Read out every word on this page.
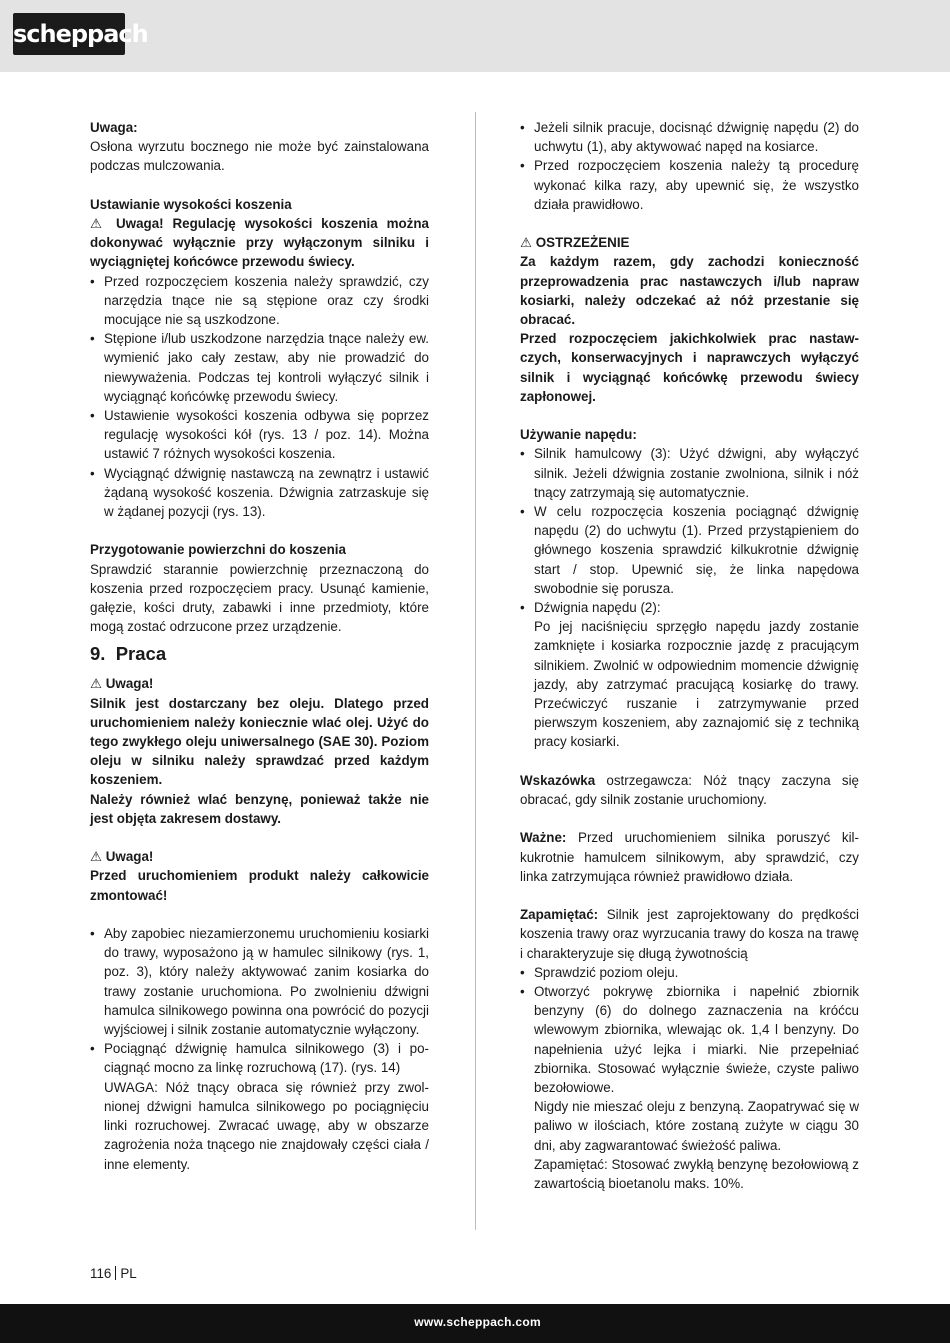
scheppach

Uwaga:

Osłona wyrzutu bocznego nie może być zainstalowana podczas mulczowania.

Ustawianie wysokości koszenia

⚠ Uwaga! Regulację wysokości koszenia można dokonywać wyłącznie przy wyłączonym silniku i wyciągniętej końcówce przewodu świecy.

• Przed rozpoczęciem koszenia należy sprawdzić, czy narzędzia tnące nie są stępione oraz czy środki mocujące nie są uszkodzone.
• Stępione i/lub uszkodzone narzędzia tnące należy ew. wymienić jako cały zestaw, aby nie prowadzić do niewyważenia. Podczas tej kontroli wyłączyć silnik i wyciągnąć końcówkę przewodu świecy.
• Ustawienie wysokości koszenia odbywa się poprzez regulację wysokości kół (rys. 13 / poz. 14). Można ustawić 7 różnych wysokości koszenia.
• Wyciągnąć dźwignię nastawczą na zewnątrz i ustawić żądaną wysokość koszenia. Dźwignia zatrzaskuje się w żądanej pozycji (rys. 13).

Przygotowanie powierzchni do koszenia

Sprawdzić starannie powierzchnię przeznaczoną do koszenia przed rozpoczęciem pracy. Usunąć kamienie, gałęzie, kości druty, zabawki i inne przedmioty, które mogą zostać odrzucone przez urządzenie.

9. Praca

⚠ Uwaga!

Silnik jest dostarczany bez oleju. Dlatego przed uruchomieniem należy koniecznie wlać olej. Użyć do tego zwykłego oleju uniwersalnego (SAE 30). Poziom oleju w silniku należy sprawdzać przed każdym koszeniem.

Należy również wlać benzynę, ponieważ także nie jest objęta zakresem dostawy.

⚠ Uwaga!

Przed uruchomieniem produkt należy całkowicie zmontować!

• Aby zapobiec niezamierzonemu uruchomieniu kosiarki do trawy, wyposażono ją w hamulec silnikowy (rys. 1, poz. 3), który należy aktywować zanim kosiarka do trawy zostanie uruchomiona. Po zwolnieniu dźwigni hamulca silnikowego powinna ona powrócić do pozycji wyjściowej i silnik zostanie automatycznie wyłączony.
• Pociągnąć dźwignię hamulca silnikowego (3) i pociągnąć mocno za linkę rozruchową (17). (rys. 14)
UWAGA: Nóż tnący obraca się również przy zwolnionej dźwigni hamulca silnikowego po pociągnięciu linki rozruchowej. Zwracać uwagę, aby w obszarze zagrożenia noża tnącego nie znajdowały części ciała / inne elementy.
• Jeżeli silnik pracuje, docisnąć dźwignię napędu (2) do uchwytu (1), aby aktywować napęd na kosiarce.
• Przed rozpoczęciem koszenia należy tą procedurę wykonać kilka razy, aby upewnić się, że wszystko działa prawidłowo.

⚠ OSTRZEŻENIE

Za każdym razem, gdy zachodzi konieczność przeprowadzenia prac nastawczych i/lub napraw kosiarki, należy odczekać aż nóż przestanie się obracać.

Przed rozpoczęciem jakichkolwiek prac nastawczych, konserwacyjnych i naprawczych wyłączyć silnik i wyciągnąć końcówkę przewodu świecy zapłonowej.

Używanie napędu:

• Silnik hamulcowy (3): Użyć dźwigni, aby wyłączyć silnik. Jeżeli dźwignia zostanie zwolniona, silnik i nóż tnący zatrzymają się automatycznie.
• W celu rozpoczęcia koszenia pociągnąć dźwignię napędu (2) do uchwytu (1). Przed przystąpieniem do głównego koszenia sprawdzić kilkukrotnie dźwignię start / stop. Upewnić się, że linka napędowa swobodnie się porusza.
• Dźwignia napędu (2):
Po jej naciśnięciu sprzęgło napędu jazdy zostanie zamknięte i kosiarka rozpocznie jazdę z pracującym silnikiem. Zwolnić w odpowiednim momencie dźwignię jazdy, aby zatrzymać pracującą kosiarkę do trawy. Przećwiczyć ruszanie i zatrzymywanie przed pierwszym koszeniem, aby zaznajomić się z techniką pracy kosiarki.

Wskazówka ostrzegawcza: Nóż tnący zaczyna się obracać, gdy silnik zostanie uruchomiony.

Ważne: Przed uruchomieniem silnika poruszyć kilkukrotnie hamulcem silnikowym, aby sprawdzić, czy linka zatrzymująca również prawidłowo działa.

Zapamiętać: Silnik jest zaprojektowany do prędkości koszenia trawy oraz wyrzucania trawy do kosza na trawę i charakteryzuje się długą żywotnością

• Sprawdzić poziom oleju.
• Otworzyć pokrywę zbiornika i napełnić zbiornik benzyny (6) do dolnego zaznaczenia na króćcu wlewowym zbiornika, wlewając ok. 1,4 l benzyny. Do napełnienia użyć lejka i miarki. Nie przepełniać zbiornika. Stosować wyłącznie świeże, czyste paliwo bezołowiowe.
Nigdy nie mieszać oleju z benzyną. Zaopatrywać się w paliwo w ilościach, które zostaną zużyte w ciągu 30 dni, aby zagwarantować świeżość paliwa.
Zapamiętać: Stosować zwykłą benzynę bezołowiową z zawartością bioetanolu maks. 10%.
116 PL
www.scheppach.com
